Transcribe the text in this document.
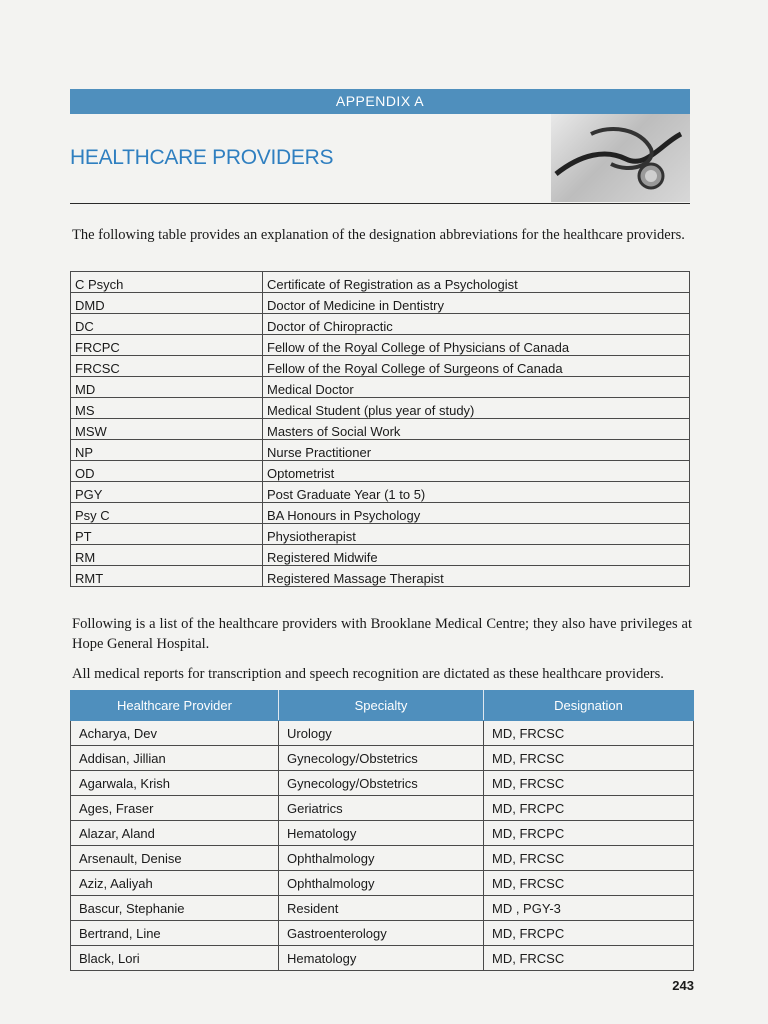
APPENDIX A
HEALTHCARE PROVIDERS
The following table provides an explanation of the designation abbreviations for the healthcare providers.
C Psych	Certificate of Registration as a Psychologist
DMD	Doctor of Medicine in Dentistry
DC	Doctor of Chiropractic
FRCPC	Fellow of the Royal College of Physicians of Canada
FRCSC	Fellow of the Royal College of Surgeons of Canada
MD	Medical Doctor
MS	Medical Student (plus year of study)
MSW	Masters of Social Work
NP	Nurse Practitioner
OD	Optometrist
PGY	Post Graduate Year (1 to 5)
Psy C	BA Honours in Psychology
PT	Physiotherapist
RM	Registered Midwife
RMT	Registered Massage Therapist
Following is a list of the healthcare providers with Brooklane Medical Centre; they also have privileges at Hope General Hospital.
All medical reports for transcription and speech recognition are dictated as these healthcare providers.
Healthcare Provider	Specialty	Designation
Acharya, Dev	Urology	MD, FRCSC
Addisan, Jillian	Gynecology/Obstetrics	MD, FRCSC
Agarwala, Krish	Gynecology/Obstetrics	MD, FRCSC
Ages, Fraser	Geriatrics	MD, FRCPC
Alazar, Aland	Hematology	MD, FRCPC
Arsenault, Denise	Ophthalmology	MD, FRCSC
Aziz, Aaliyah	Ophthalmology	MD, FRCSC
Bascur, Stephanie	Resident	MD , PGY-3
Bertrand, Line	Gastroenterology	MD, FRCPC
Black, Lori	Hematology	MD, FRCSC
243
